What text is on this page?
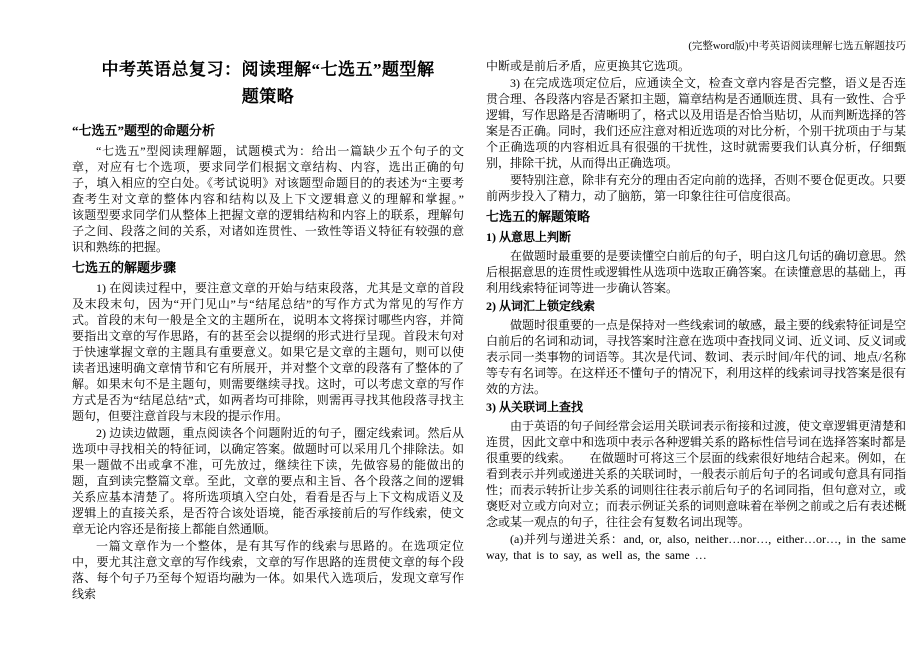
中考英语总复习：阅读理解“七选五”题型解
题策略
“七选五”题型的命题分析

“七选五”型阅读理解题，试题模式为：给出一篇缺少五个句子的文章，对应有七个选项，要求同学们根据文章结构、内容，选出正确的句子，填入相应的空白处。《考试说明》对该题型命题目的的表述为“主要考查考生对文章的整体内容和结构以及上下文逻辑意义的理解和掌握。”　　该题型要求同学们从整体上把握文章的逻辑结构和内容上的联系，理解句子之间、段落之间的关系，对诸如连贯性、一致性等语义特征有较强的意识和熟练的把握。

七选五的解题步骤

1) 在阅读过程中，要注意文章的开始与结束段落，尤其是文章的首段及末段末句，因为“开门见山”与“结尾总结”的写作方式为常见的写作方式。首段的末句一般是全文的主题所在，说明本文将探讨哪些内容，并简要指出文章的写作思路，有的甚至会以提纲的形式进行呈现。首段末句对于快速掌握文章的主题具有重要意义。如果它是文章的主题句，则可以使读者迅速明确文章情节和它有所展开，并对整个文章的段落有了整体的了解。如果末句不是主题句，则需要继续寻找。这时，可以考虑文章的写作方式是否为“结尾总结”式，如两者均可排除，则需再寻找其他段落寻找主题句，但要注意首段与末段的提示作用。

2) 边读边做题，重点阅读各个问题附近的句子，圈定线索词。然后从选项中寻找相关的特征词，以确定答案。做题时可以采用几个排除法。如果一题做不出或拿不准，可先放过，继续往下读，先做容易的能做出的题，直到读完整篇文章。至此，文章的要点和主旨、各个段落之间的逻辑关系应基本清楚了。将所选项填入空白处，看看是否与上下文构成语义及逻辑上的直接关系，是否符合该处语境，能否承接前后的写作线索，使文章无论内容还是衔接上都能自然通顺。

一篇文章作为一个整体，是有其写作的线索与思路的。在选项定位中，要尤其注意文章的写作线索，文章的写作思路的连贯使文章的每个段落、每个句子乃至每个短语均融为一体。如果代入选项后，发现文章写作线索

(完整word版)中考英语阅读理解七选五解题技巧

中断或是前后矛盾，应更换其它选项。

3) 在完成选项定位后，应通读全文，检查文章内容是否完整，语义是否连贯合理、各段落内容是否紧扣主题，篇章结构是否通顺连贯、具有一致性、合乎逻辑，写作思路是否清晰明了，格式以及用语是否恰当贴切，从而判断选择的答案是否正确。同时，我们还应注意对相近选项的对比分析，个别干扰项由于与某个正确选项的内容相近具有很强的干扰性，这时就需要我们认真分析，仔细甄别，排除干扰，从而得出正确选项。

要特别注意，除非有充分的理由否定向前的选择，否则不要仓促更改。只要前两步投入了精力，动了脑筋，第一印象往往可信度很高。

七选五的解题策略
1) 从意思上判断

在做题时最重要的是要读懂空白前后的句子，明白这几句话的确切意思。然后根据意思的连贯性或逻辑性从选项中选取正确答案。在读懂意思的基础上，再利用线索特征词等进一步确认答案。

2) 从词汇上锁定线索

做题时很重要的一点是保持对一些线索词的敏感，最主要的线索特征词是空白前后的名词和动词，寻找答案时注意在选项中查找同义词、近义词、反义词或表示同一类事物的词语等。其次是代词、数词、表示时间/年代的词、地点/名称等专有名词等。在这样还不懂句子的情况下，利用这样的线索词寻找答案是很有效的方法。

3) 从关联词上查找

由于英语的句子间经常会运用关联词表示衔接和过渡，使文章逻辑更清楚和连贯，因此文章中和选项中表示各种逻辑关系的路标性信号词在选择答案时都是很重要的线索。　　在做题时可将这三个层面的线索很好地结合起来。例如，在看到表示并列或递进关系的关联词时，一般表示前后句子的名词或句意具有同指性；而表示转折让步关系的词则往往表示前后句子的名词同指，但句意对立，或褒贬对立或方向对立；而表示例证关系的词则意味着在举例之前或之后有表述概念或某一观点的句子，往往会有复数名词出现等。

(a)并列与递进关系：and, or, also, neither…nor…, either…or…, in the same way, that is to say, as well as, the same …
